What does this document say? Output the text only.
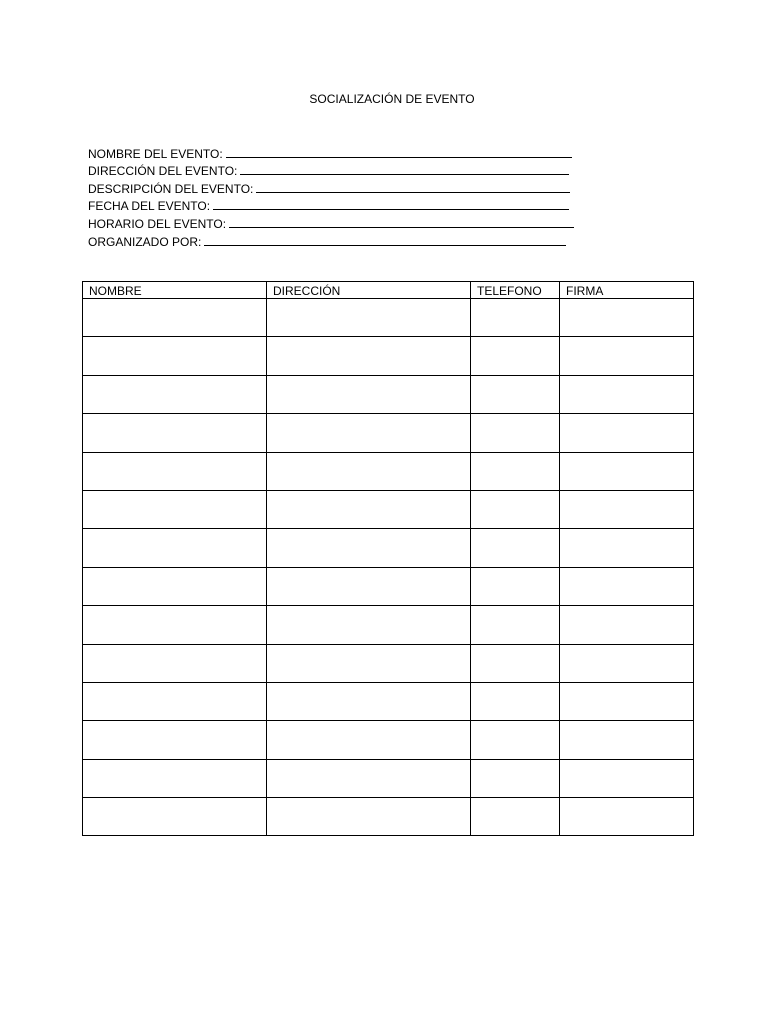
SOCIALIZACIÓN DE EVENTO
NOMBRE DEL EVENTO:
DIRECCIÓN DEL EVENTO:
DESCRIPCIÓN DEL EVENTO:
FECHA DEL EVENTO:
HORARIO DEL EVENTO:
ORGANIZADO POR:
NOMBRE	DIRECCIÓN	TELEFONO	FIRMA
